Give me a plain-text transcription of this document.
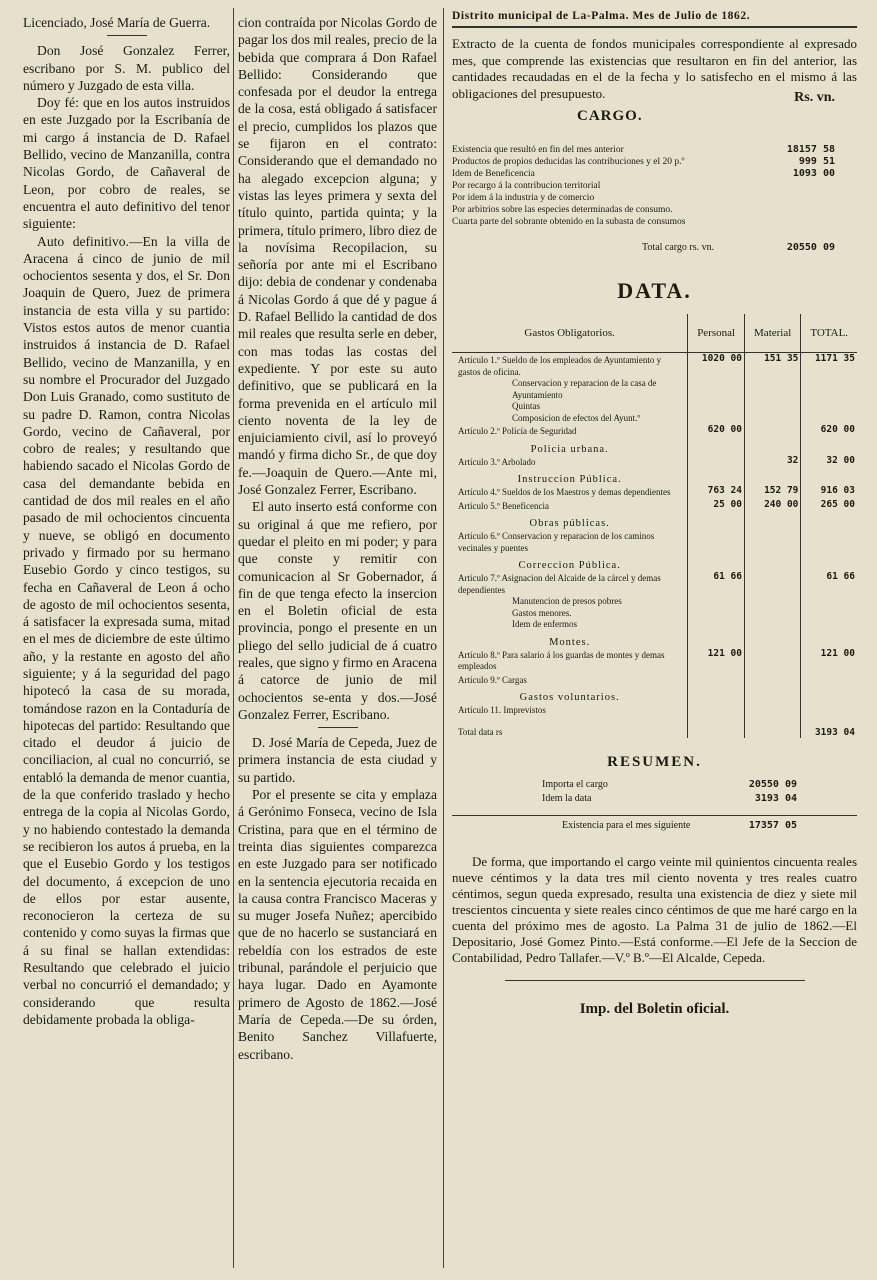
Licenciado, José María de Guerra.

Don José Gonzalez Ferrer, escribano por S. M. publico del número y Juzgado de esta villa.

Doy fé: que en los autos instruidos en este Juzgado por la Escribanía de mi cargo á instancia de D. Rafael Bellido, vecino de Manzanilla, contra Nicolas Gordo, de Cañaveral de Leon, por cobro de reales, se encuentra el auto definitivo del tenor siguiente:

Auto definitivo.—En la villa de Aracena á cinco de junio de mil ochocientos sesenta y dos, el Sr. Don Joaquin de Quero, Juez de primera instancia de esta villa y su partido: Vistos estos autos de menor cuantia instruidos á instancia de D. Rafael Bellido, vecino de Manzanilla, y en su nombre el Procurador del Juzgado Don Luis Granado, como sustituto de su padre D. Ramon, contra Nicolas Gordo, vecino de Cañaveral, por cobro de reales; y resultando que habiendo sacado el Nicolas Gordo de casa del demandante bebida en cantidad de dos mil reales en el año pasado de mil ochocientos cincuenta y nueve, se obligó en documento privado y firmado por su hermano Eusebio Gordo y cinco testigos, su fecha en Cañaveral de Leon á ocho de agosto de mil ochocientos sesenta, á satisfacer la expresada suma, mitad en el mes de diciembre de este último año, y la restante en agosto del año siguiente; y á la seguridad del pago hipotecó la casa de su morada, tomándose razon en la Contaduría de hipotecas del partido: Resultando que citado el deudor á juicio de conciliacion, al cual no concurrió, se entabló la demanda de menor cuantia, de la que conferido traslado y hecho entrega de la copia al Nicolas Gordo, y no habiendo contestado la demanda se recibieron los autos á prueba, en la que el Eusebio Gordo y los testigos del documento, á excepcion de uno de ellos por estar ausente, reconocieron la certeza de su contenido y como suyas la firmas que á su final se hallan extendidas: Resultando que celebrado el juicio verbal no concurrió el demandado; y considerando que resulta debidamente probada la obliga-

cion contraída por Nicolas Gordo de pagar los dos mil reales, precio de la bebida que comprara á Don Rafael Bellido: Considerando que confesada por el deudor la entrega de la cosa, está obligado á satisfacer el precio, cumplidos los plazos que se fijaron en el contrato: Considerando que el demandado no ha alegado excepcion alguna; y vistas las leyes primera y sexta del título quinto, partida quinta; y la primera, título primero, libro diez de la novísima Recopilacion, su señoría por ante mi el Escribano dijo: debia de condenar y condenaba á Nicolas Gordo á que dé y pague á D. Rafael Bellido la cantidad de dos mil reales que resulta serle en deber, con mas todas las costas del expediente. Y por este su auto definitivo, que se publicará en la forma prevenida en el artículo mil ciento noventa de la ley de enjuiciamiento civil, así lo proveyó mandó y firma dicho Sr., de que doy fe.—Joaquin de Quero.—Ante mi, José Gonzalez Ferrer, Escribano.

El auto inserto está conforme con su original á que me refiero, por quedar el pleito en mi poder; y para que conste y remitir con comunicacion al Sr Gobernador, á fin de que tenga efecto la insercion en el Boletin oficial de esta provincia, pongo el presente en un pliego del sello judicial de á cuatro reales, que signo y firmo en Aracena á catorce de junio de mil ochocientos se-enta y dos.—José Gonzalez Ferrer, Escribano.

D. José María de Cepeda, Juez de primera instancia de esta ciudad y su partido.

Por el presente se cita y emplaza á Gerónimo Fonseca, vecino de Isla Cristina, para que en el término de treinta dias siguientes comparezca en este Juzgado para ser notificado en la sentencia ejecutoria recaida en la causa contra Francisco Maceras y su muger Josefa Nuñez; apercibido que de no hacerlo se sustanciará en rebeldía con los estrados de este tribunal, parándole el perjuicio que haya lugar. Dado en Ayamonte primero de Agosto de 1862.—José María de Cepeda.—De su órden, Benito Sanchez Villafuerte, escribano.

Distrito municipal de La-Palma. Mes de Julio de 1862.
Extracto de la cuenta de fondos municipales correspondiente al expresado mes, que comprende las existencias que resultaron en fin del anterior, las cantidades recaudadas en el de la fecha y lo satisfecho en el mismo á las obligaciones del presupuesto.
CARGO.
Rs. vn.
Existencia que resultó en fin del mes anterior	18157 58
Productos de propios deducidas las contribuciones y el 20 p.º	999 51
Idem de Beneficencia	1093 00
Por recargo á la contribucion territorial
Por idem á la industria y de comercio
Por arbitrios sobre las especies determinadas de consumo.
Cuarta parte del sobrante obtenido en la subasta de consumos
Total cargo rs. vn.	20550 09
DATA.
Gastos Obligatorios.	Personal	Material	TOTAL.
Artículo 1.º Sueldo de los empleados de Ayuntamiento y gastos de oficina.	1020 00	151 35	1171 35
Conservacion y reparacion de la casa de Ayuntamiento			
Quintas			
Composicion de efectos del Ayunt.º			
Artículo 2.º Policía de Seguridad	620 00		620 00
Policia urbana.			
Artículo 3.º Arbolado		32	32 00
Instruccion Pública.			
Artículo 4.º Sueldos de los Maestros y demas dependientes	763 24	152 79	916 03
Artículo 5.º Beneficencia	25 00	240 00	265 00
Obras públicas.			
Artículo 6.º Conservacion y reparacion de los caminos vecinales y puentes			
Correccion Pública.			
Artículo 7.º Asignacion del Alcaide de la cárcel y demas dependientes	61 66		61 66
Manutencion de presos pobres			
Gastos menores.			
Idem de enfermos			
Montes.			
Artículo 8.º Para salario á los guardas de montes y demas empleados	121 00		121 00
Artículo 9.º Cargas			
Gastos voluntarios.			
Artículo 11. Imprevistos			
Total data rs			3193 04
RESUMEN.
Importa el cargo	20550 09
Idem la data	3193 04
Existencia para el mes siguiente	17357 05
De forma, que importando el cargo veinte mil quinientos cincuenta reales nueve céntimos y la data tres mil ciento noventa y tres reales cuatro céntimos, segun queda expresado, resulta una existencia de diez y siete mil trescientos cincuenta y siete reales cinco céntimos de que me haré cargo en la cuenta del próximo mes de agosto. La Palma 31 de julio de 1862.—El Depositario, José Gomez Pinto.—Está conforme.—El Jefe de la Seccion de Contabilidad, Pedro Tallafer.—V.º B.º—El Alcalde, Cepeda.
Imp. del Boletin oficial.
